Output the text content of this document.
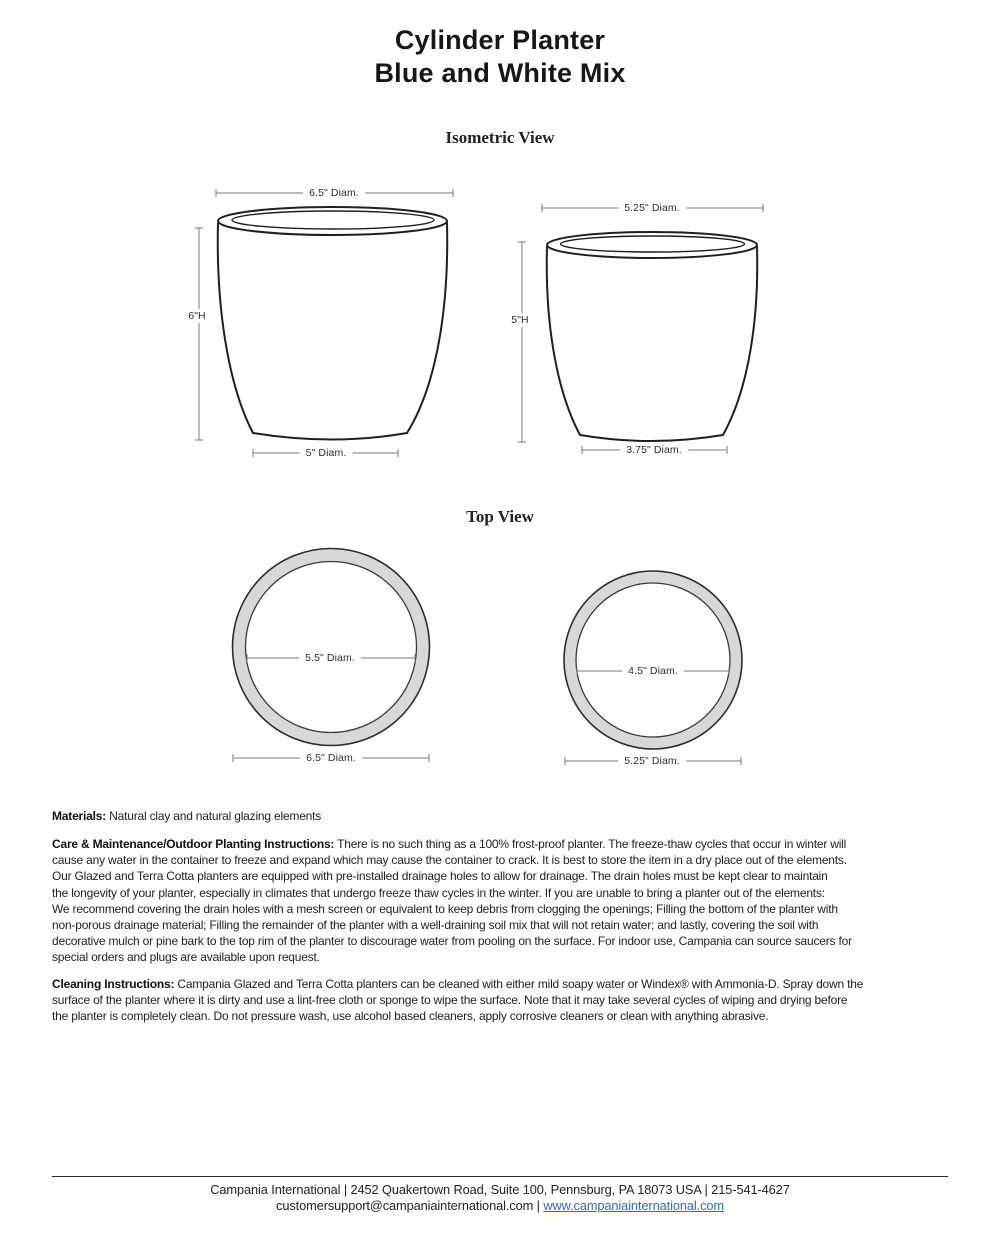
Cylinder Planter
Blue and White Mix
Isometric View
6.5" Diam.
6"H
5" Diam.
5.25" Diam.
5"H
3.75" Diam.
Top View
5.5" Diam.
6.5" Diam.
4.5" Diam.
5.25" Diam.
Materials: Natural clay and natural glazing elements
Care & Maintenance/Outdoor Planting Instructions: There is no such thing as a 100% frost-proof planter. The freeze-thaw cycles that occur in winter will
cause any water in the container to freeze and expand which may cause the container to crack. It is best to store the item in a dry place out of the elements.
Our Glazed and Terra Cotta planters are equipped with pre-installed drainage holes to allow for drainage. The drain holes must be kept clear to maintain
the longevity of your planter, especially in climates that undergo freeze thaw cycles in the winter. If you are unable to bring a planter out of the elements:
We recommend covering the drain holes with a mesh screen or equivalent to keep debris from clogging the openings; Filling the bottom of the planter with
non-porous drainage material; Filling the remainder of the planter with a well-draining soil mix that will not retain water; and lastly, covering the soil with
decorative mulch or pine bark to the top rim of the planter to discourage water from pooling on the surface. For indoor use, Campania can source saucers for
special orders and plugs are available upon request.
Cleaning Instructions: Campania Glazed and Terra Cotta planters can be cleaned with either mild soapy water or Windex® with Ammonia-D. Spray down the
surface of the planter where it is dirty and use a lint-free cloth or sponge to wipe the surface. Note that it may take several cycles of wiping and drying before
the planter is completely clean. Do not pressure wash, use alcohol based cleaners, apply corrosive cleaners or clean with anything abrasive.
Campania International | 2452 Quakertown Road, Suite 100, Pennsburg, PA 18073 USA | 215-541-4627
customersupport@campaniainternational.com | www.campaniainternational.com
